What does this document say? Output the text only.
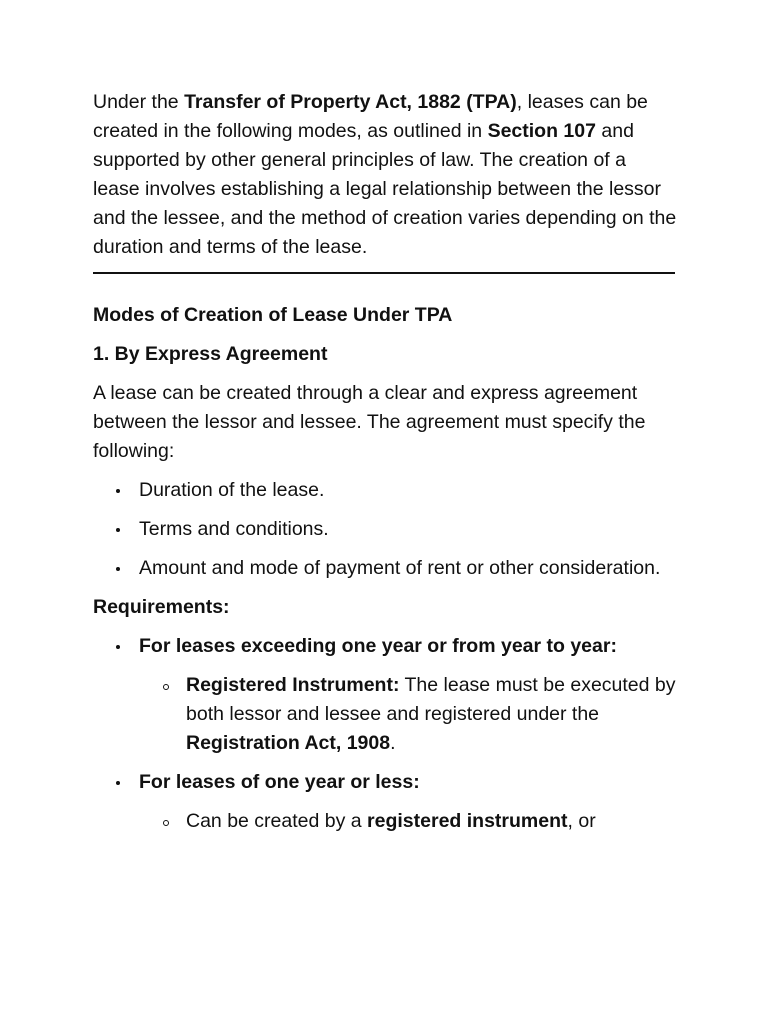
Under the Transfer of Property Act, 1882 (TPA), leases can be created in the following modes, as outlined in Section 107 and supported by other general principles of law. The creation of a lease involves establishing a legal relationship between the lessor and the lessee, and the method of creation varies depending on the duration and terms of the lease.

Modes of Creation of Lease Under TPA

1. By Express Agreement

A lease can be created through a clear and express agreement between the lessor and lessee. The agreement must specify the following:

Duration of the lease.
Terms and conditions.
Amount and mode of payment of rent or other consideration.

Requirements:

For leases exceeding one year or from year to year:
Registered Instrument: The lease must be executed by both lessor and lessee and registered under the Registration Act, 1908.
For leases of one year or less:
Can be created by a registered instrument, or
